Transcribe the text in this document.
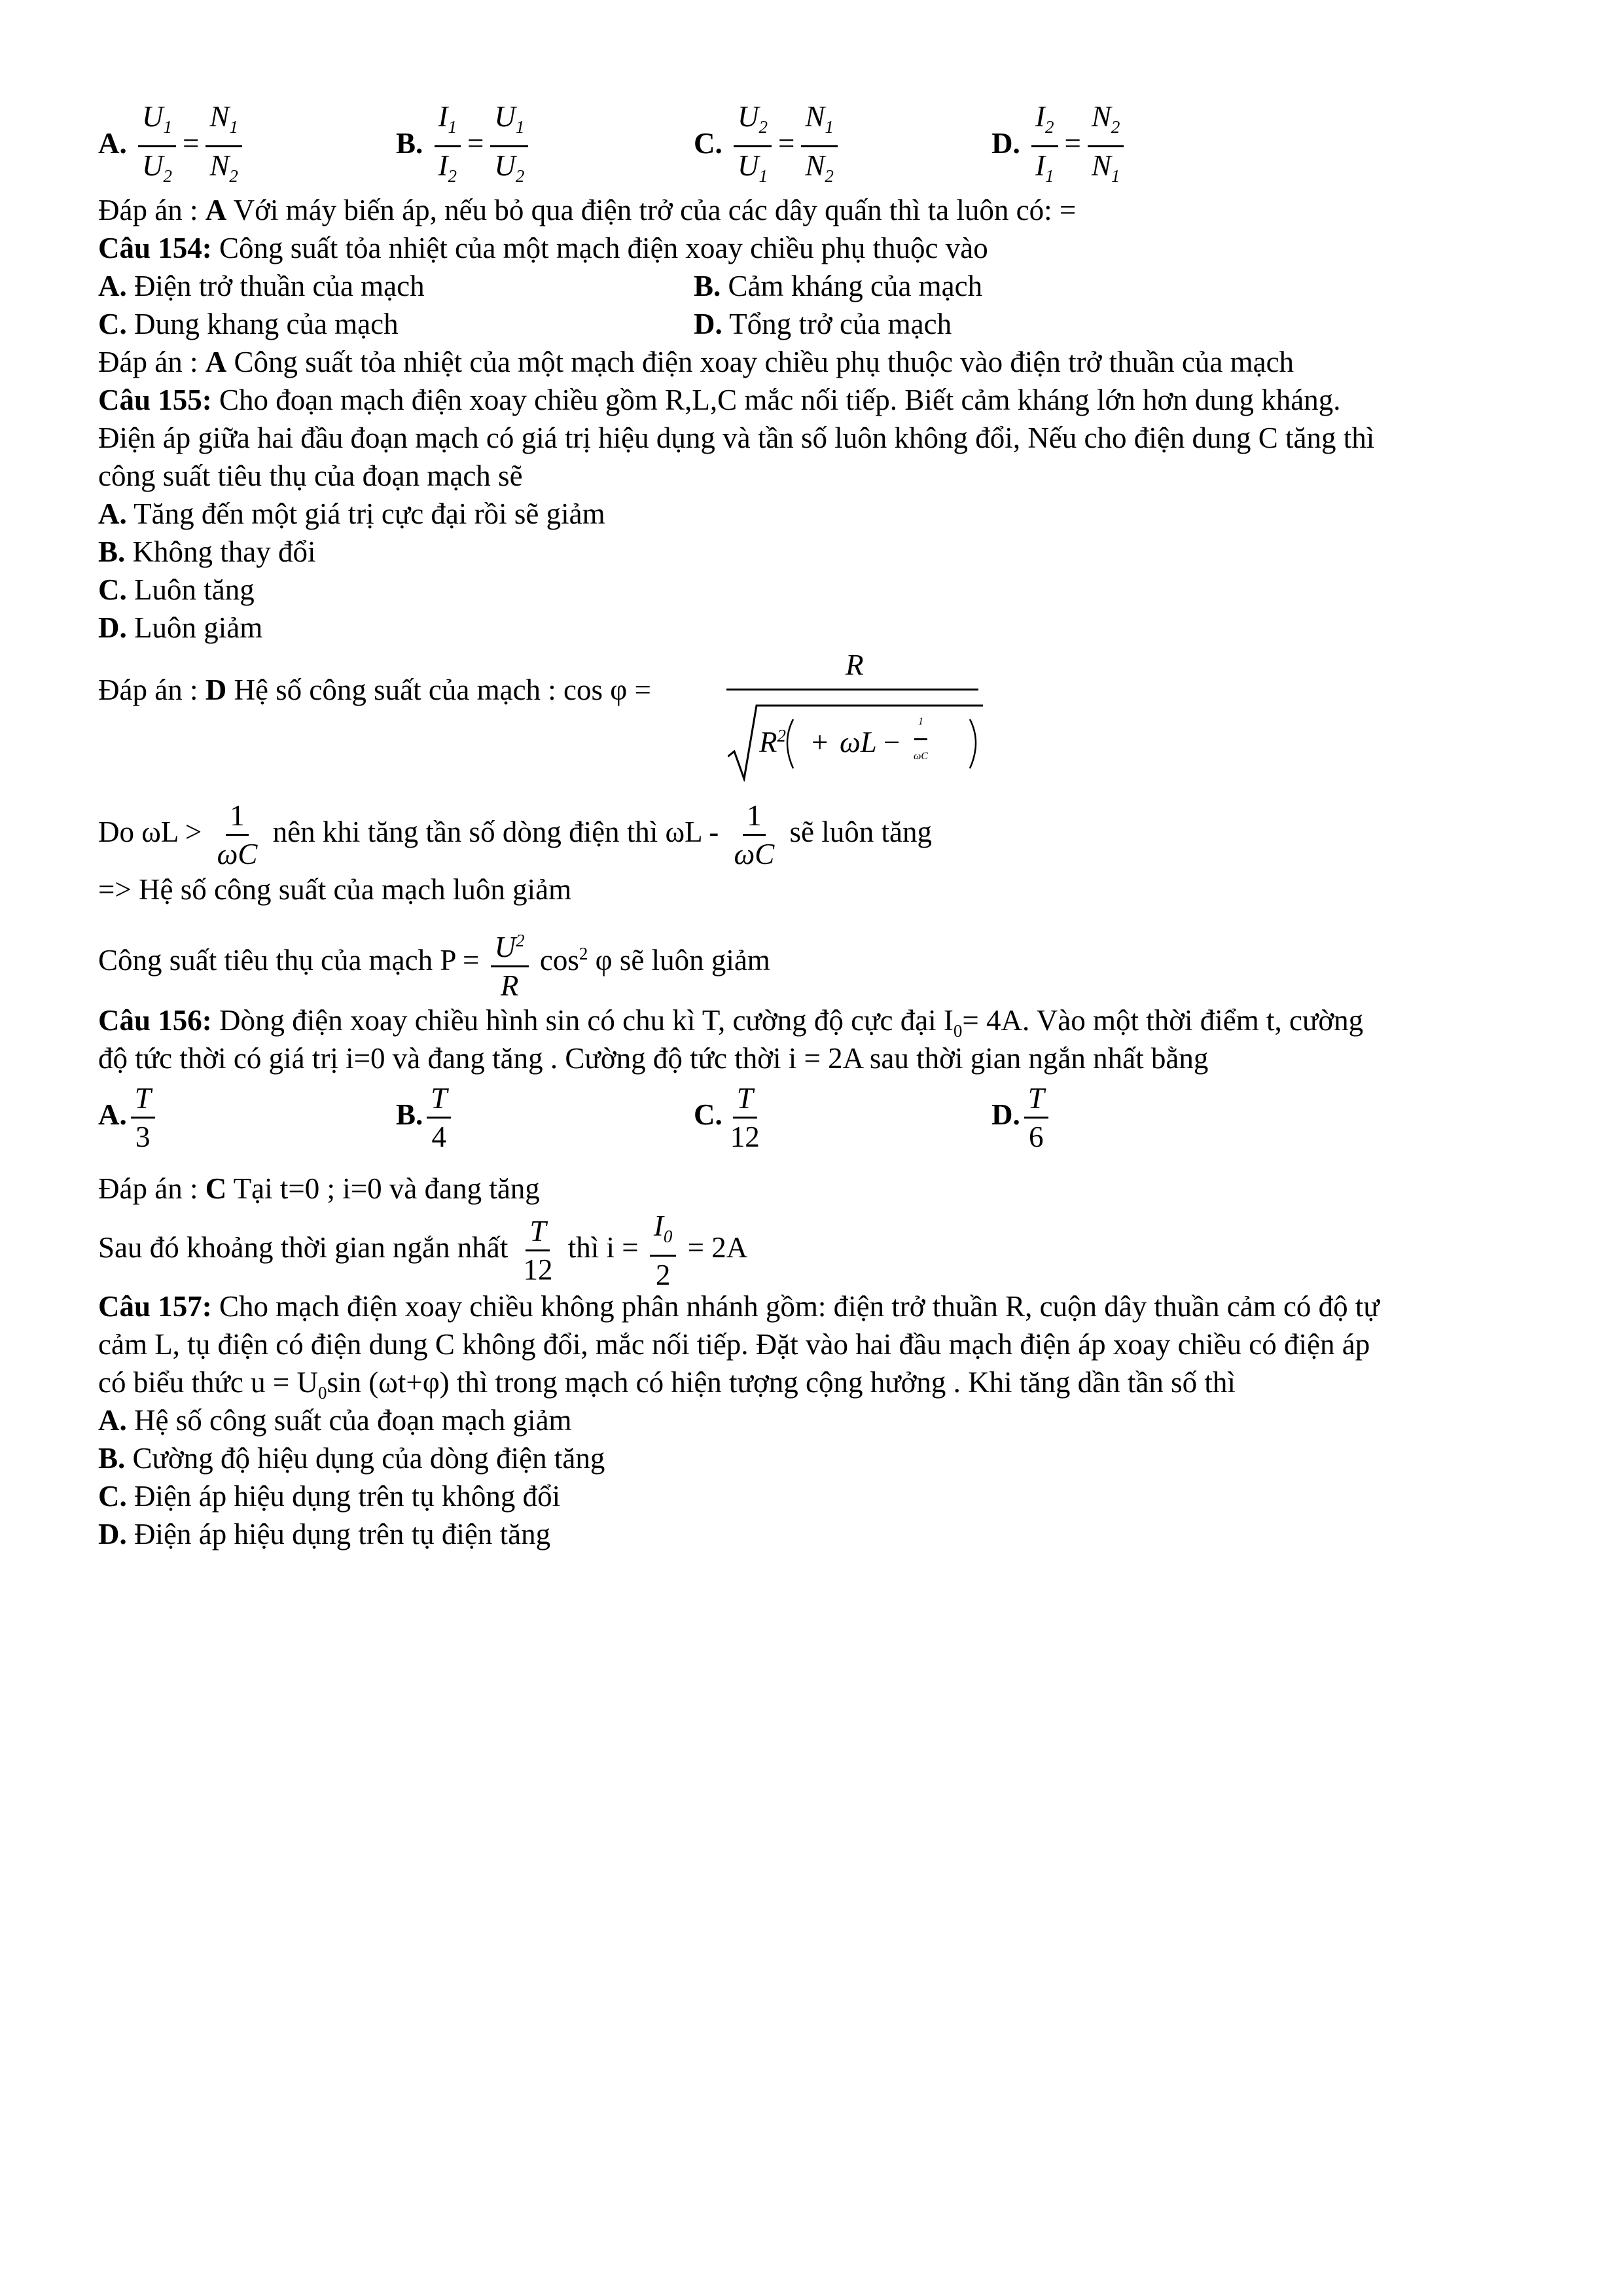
A. $\frac{U_1}{U_2} = \frac{N_1}{N_2}$	B. $\frac{I_1}{I_2} = \frac{U_1}{U_2}$	C. $\frac{U_2}{U_1} = \frac{N_1}{N_2}$	D. $\frac{I_2}{I_1} = \frac{N_2}{N_1}$
Đáp án : A Với máy biến áp, nếu bỏ qua điện trở của các dây quấn thì ta luôn có: =
Câu 154: Công suất tỏa nhiệt của một mạch điện xoay chiều phụ thuộc vào
A. Điện trở thuần của mạch	B. Cảm kháng của mạch
C. Dung khang của mạch	D. Tổng trở của mạch
Đáp án : A Công suất tỏa nhiệt của một mạch điện xoay chiều phụ thuộc vào điện trở thuần của mạch
Câu 155: Cho đoạn mạch điện xoay chiều gồm R,L,C mắc nối tiếp. Biết cảm kháng lớn hơn dung kháng.
Điện áp giữa hai đầu đoạn mạch có giá trị hiệu dụng và tần số luôn không đổi, Nếu cho điện dung C tăng thì
công suất tiêu thụ của đoạn mạch sẽ
A. Tăng đến một giá trị cực đại rồi sẽ giảm
B. Không thay đổi
C. Luôn tăng
D. Luôn giảm
Đáp án : D Hệ số công suất của mạch : cos φ =
R
$R^2 + \omega L - \frac{1}{\omega C}$
Do $\omega L > \frac{1}{\omega C}$ nên khi tăng tần số dòng điện thì ωL - $\frac{1}{\omega C}$ sẽ luôn tăng
=> Hệ số công suất của mạch luôn giảm
Công suất tiêu thụ của mạch $P = \frac{U^2}{R} \cos^2 \varphi$ sẽ luôn giảm
Câu 156: Dòng điện xoay chiều hình sin có chu kì T, cường độ cực đại $I_0= 4A$. Vào một thời điểm t, cường
độ tức thời có giá trị i=0 và đang tăng . Cường độ tức thời i = 2A sau thời gian ngắn nhất bằng
A. $\frac{T}{3}$	B. $\frac{T}{4}$	C. $\frac{T}{12}$	D. $\frac{T}{6}$
Đáp án : C Tại t=0 ; i=0 và đang tăng
Sau đó khoảng thời gian ngắn nhất $\frac{T}{12}$ thì $i = \frac{I_0}{2} = 2A$
Câu 157: Cho mạch điện xoay chiều không phân nhánh gồm: điện trở thuần R, cuộn dây thuần cảm có độ tự
cảm L, tụ điện có điện dung C không đổi, mắc nối tiếp. Đặt vào hai đầu mạch điện áp xoay chiều có điện áp
có biểu thức $u = U_0\sin$ (ωt+φ) thì trong mạch có hiện tượng cộng hưởng . Khi tăng dần tần số thì
A. Hệ số công suất của đoạn mạch giảm
B. Cường độ hiệu dụng của dòng điện tăng
C. Điện áp hiệu dụng trên tụ không đổi
D. Điện áp hiệu dụng trên tụ điện tăng
